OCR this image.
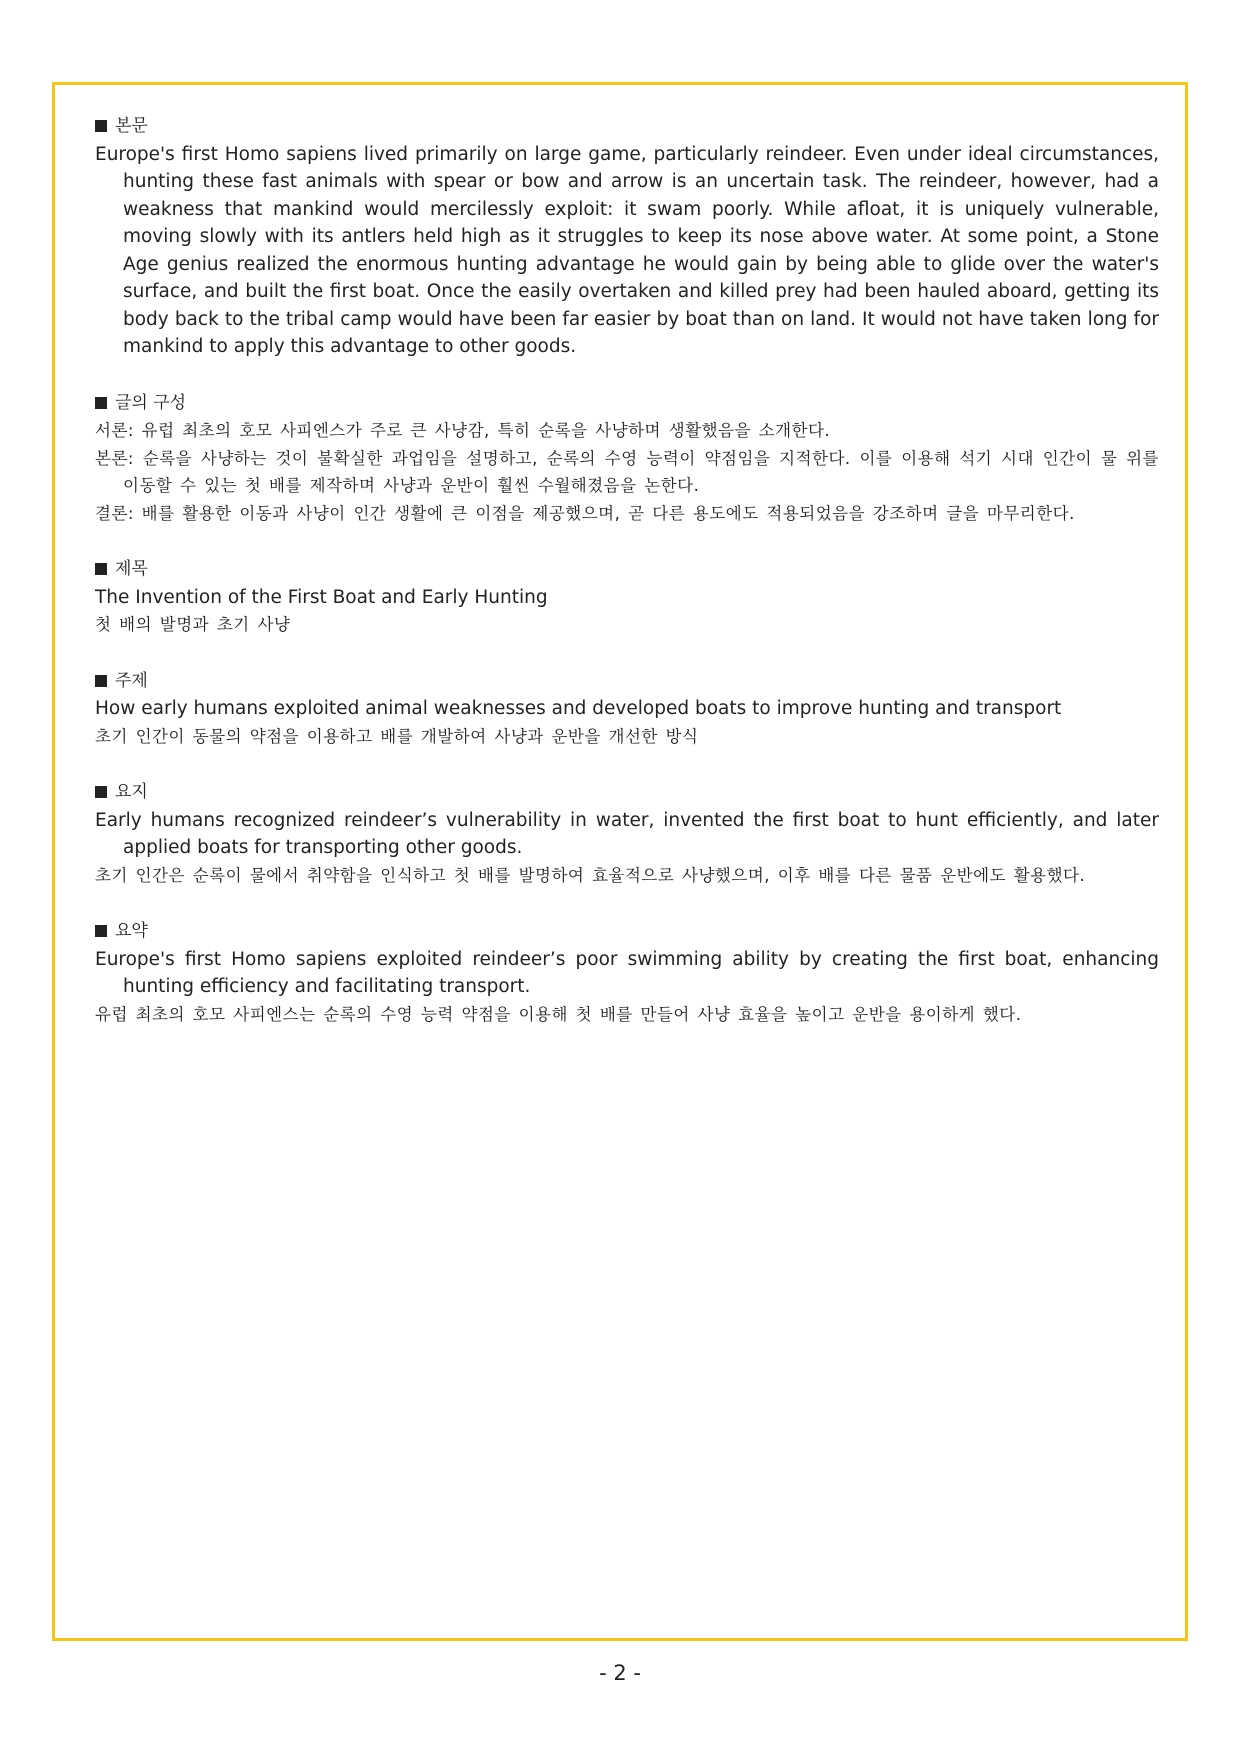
본문

Europe's first Homo sapiens lived primarily on large game, particularly reindeer. Even under ideal circumstances, hunting these fast animals with spear or bow and arrow is an uncertain task. The reindeer, however, had a weakness that mankind would mercilessly exploit: it swam poorly. While afloat, it is uniquely vulnerable, moving slowly with its antlers held high as it struggles to keep its nose above water. At some point, a Stone Age genius realized the enormous hunting advantage he would gain by being able to glide over the water's surface, and built the first boat. Once the easily overtaken and killed prey had been hauled aboard, getting its body back to the tribal camp would have been far easier by boat than on land. It would not have taken long for mankind to apply this advantage to other goods.

글의 구성

서론: 유럽 최초의 호모 사피엔스가 주로 큰 사냥감, 특히 순록을 사냥하며 생활했음을 소개한다.

본론: 순록을 사냥하는 것이 불확실한 과업임을 설명하고, 순록의 수영 능력이 약점임을 지적한다. 이를 이용해 석기 시대 인간이 물 위를 이동할 수 있는 첫 배를 제작하며 사냥과 운반이 훨씬 수월해졌음을 논한다.

결론: 배를 활용한 이동과 사냥이 인간 생활에 큰 이점을 제공했으며, 곧 다른 용도에도 적용되었음을 강조하며 글을 마무리한다.

제목

The Invention of the First Boat and Early Hunting

첫 배의 발명과 초기 사냥

주제

How early humans exploited animal weaknesses and developed boats to improve hunting and transport

초기 인간이 동물의 약점을 이용하고 배를 개발하여 사냥과 운반을 개선한 방식

요지

Early humans recognized reindeer’s vulnerability in water, invented the first boat to hunt efficiently, and later applied boats for transporting other goods.

초기 인간은 순록이 물에서 취약함을 인식하고 첫 배를 발명하여 효율적으로 사냥했으며, 이후 배를 다른 물품 운반에도 활용했다.

요약

Europe's first Homo sapiens exploited reindeer’s poor swimming ability by creating the first boat, enhancing hunting efficiency and facilitating transport.

유럽 최초의 호모 사피엔스는 순록의 수영 능력 약점을 이용해 첫 배를 만들어 사냥 효율을 높이고 운반을 용이하게 했다.

- 2 -
